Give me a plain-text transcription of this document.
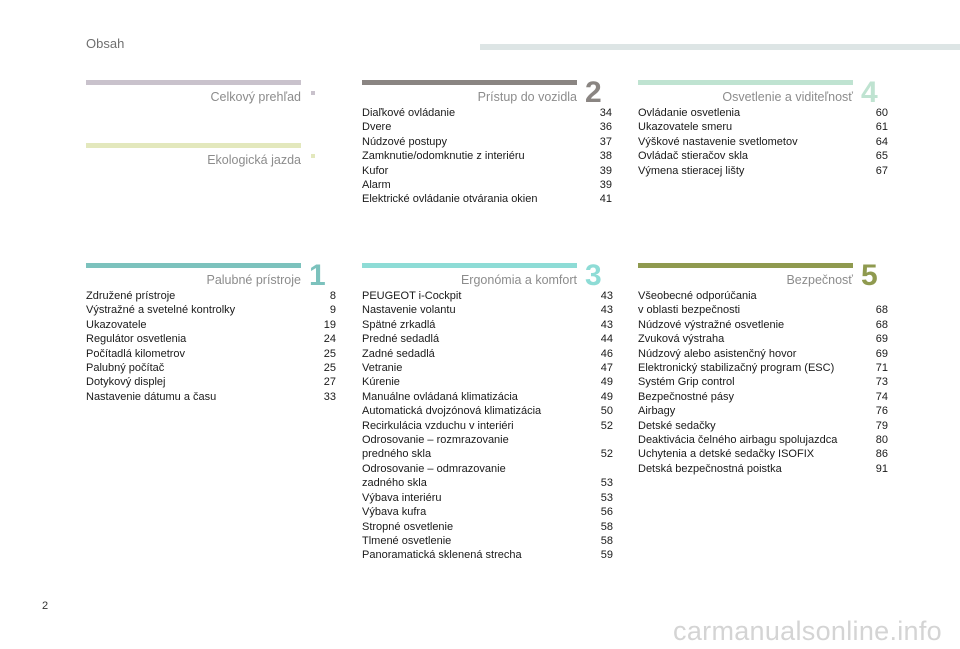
Obsah
Celkový prehľad
Ekologická jazda
Palubné prístroje 1
Združené prístroje	8
Výstražné a svetelné kontrolky	9
Ukazovatele	19
Regulátor osvetlenia	24
Počítadlá kilometrov	25
Palubný počítač	25
Dotykový displej	27
Nastavenie dátumu a času	33
Prístup do vozidla 2
Diaľkové ovládanie	34
Dvere	36
Núdzové postupy	37
Zamknutie/odomknutie z interiéru	38
Kufor	39
Alarm	39
Elektrické ovládanie otvárania okien	41
Ergonómia a komfort 3
PEUGEOT i-Cockpit	43
Nastavenie volantu	43
Spätné zrkadlá	43
Predné sedadlá	44
Zadné sedadlá	46
Vetranie	47
Kúrenie	49
Manuálne ovládaná klimatizácia	49
Automatická dvojzónová klimatizácia	50
Recirkulácia vzduchu v interiéri	52
Odrosovanie – rozmrazovanie
predného skla	52
Odrosovanie – odmrazovanie
zadného skla	53
Výbava interiéru	53
Výbava kufra	56
Stropné osvetlenie	58
Tlmené osvetlenie	58
Panoramatická sklenená strecha	59
Osvetlenie a viditeľnosť 4
Ovládanie osvetlenia	60
Ukazovatele smeru	61
Výškové nastavenie svetlometov	64
Ovládač stieračov skla	65
Výmena stieracej lišty	67
Bezpečnosť 5
Všeobecné odporúčania
v oblasti bezpečnosti	68
Núdzové výstražné osvetlenie	68
Zvuková výstraha	69
Núdzový alebo asistenčný hovor	69
Elektronický stabilizačný program (ESC)	71
Systém Grip control	73
Bezpečnostné pásy	74
Airbagy	76
Detské sedačky	79
Deaktivácia čelného airbagu spolujazdca	80
Uchytenia a detské sedačky ISOFIX	86
Detská bezpečnostná poistka	91
2
carmanualsonline.info
